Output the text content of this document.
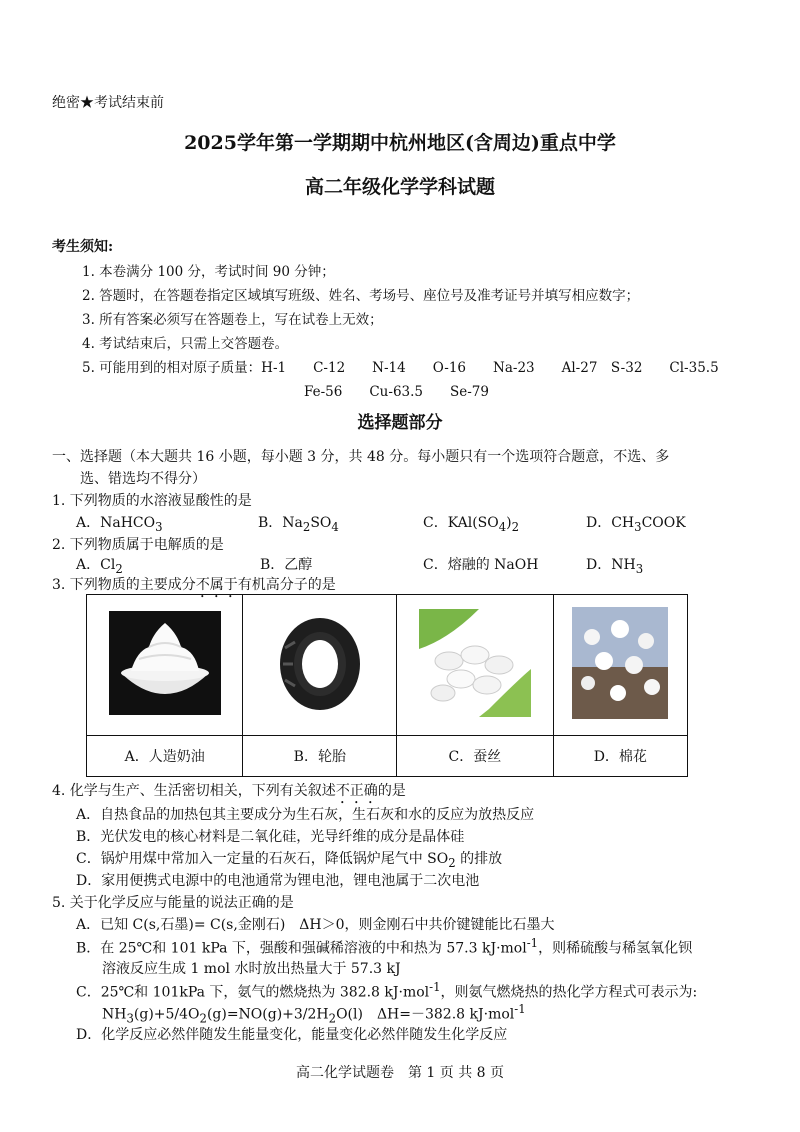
绝密★考试结束前
2025学年第一学期期中杭州地区(含周边)重点中学
高二年级化学学科试题
考生须知:
1. 本卷满分 100 分，考试时间 90 分钟；
2. 答题时，在答题卷指定区域填写班级、姓名、考场号、座位号及准考证号并填写相应数字；
3. 所有答案必须写在答题卷上，写在试卷上无效；
4. 考试结束后，只需上交答题卷。
5. 可能用到的相对原子质量：H-1　　C-12　　N-14　　O-16　　Na-23　　Al-27　S-32　　Cl-35.5
Fe-56　　Cu-63.5　　Se-79
选择题部分
一、选择题（本大题共 16 小题，每小题 3 分，共 48 分。每小题只有一个选项符合题意，不选、多
选、错选均不得分）
1. 下列物质的水溶液显酸性的是
A．NaHCO$_3$	B．$Na_2SO_4$	C．$KAl(SO_4)_2$	D．$CH_3COOK$
2. 下列物质属于电解质的是
A．$Cl_2$	B．乙醇	C．熔融的 NaOH	D．$NH_3$
3. 下列物质的主要成分不属于有机高分子的是

A．人造奶油	B．轮胎	C．蚕丝	D．棉花
4. 化学与生产、生活密切相关，下列有关叙述不正确的是
A．自热食品的加热包其主要成分为生石灰，生石灰和水的反应为放热反应
B．光伏发电的核心材料是二氧化硅，光导纤维的成分是晶体硅
C．锅炉用煤中常加入一定量的石灰石，降低锅炉尾气中 $SO_2$ 的排放
D．家用便携式电源中的电池通常为锂电池，锂电池属于二次电池
5. 关于化学反应与能量的说法正确的是
A．已知 C(s,石墨)= C(s,金刚石)　ΔH＞0，则金刚石中共价键键能比石墨大
B．在 25℃和 101 kPa 下，强酸和强碱稀溶液的中和热为 57.3 kJ·mol$^{-1}$，则稀硫酸与稀氢氧化钡
溶液反应生成 1 mol 水时放出热量大于 57.3 kJ
C．25℃和 101kPa 下，氨气的燃烧热为 382.8 kJ·mol$^{-1}$，则氨气燃烧热的热化学方程式可表示为:
$NH_3(g)+5/4O_2(g)=NO(g)+3/2H_2O(l)$　ΔH=－382.8 kJ·mol$^{-1}$
D．化学反应必然伴随发生能量变化，能量变化必然伴随发生化学反应
高二化学试题卷　第 1 页 共 8 页
